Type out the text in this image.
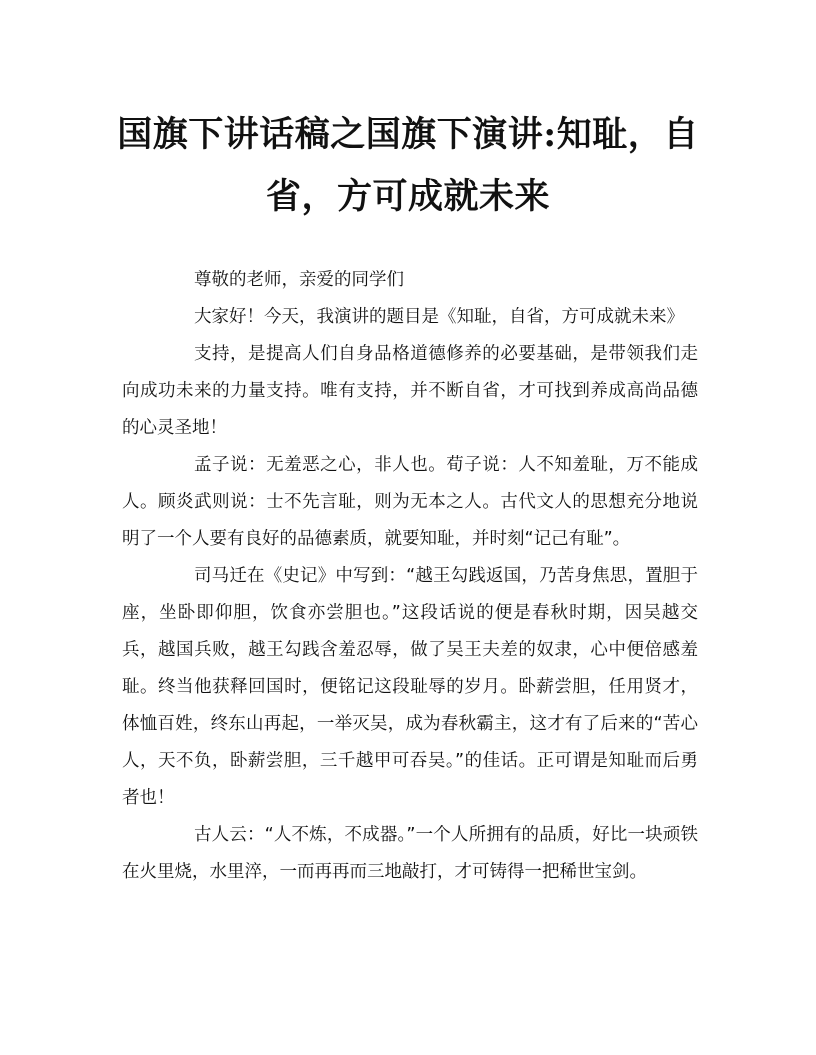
国旗下讲话稿之国旗下演讲:知耻，自
省，方可成就未来

尊敬的老师，亲爱的同学们

大家好！今天，我演讲的题目是《知耻，自省，方可成就未来》

支持，是提高人们自身品格道德修养的必要基础，是带领我们走向成功未来的力量支持。唯有支持，并不断自省，才可找到养成高尚品德的心灵圣地！

孟子说：无羞恶之心，非人也。荀子说：人不知羞耻，万不能成人。顾炎武则说：士不先言耻，则为无本之人。古代文人的思想充分地说明了一个人要有良好的品德素质，就要知耻，并时刻“记己有耻”。

司马迁在《史记》中写到：“越王勾践返国，乃苦身焦思，置胆于座，坐卧即仰胆，饮食亦尝胆也。”这段话说的便是春秋时期，因吴越交兵，越国兵败，越王勾践含羞忍辱，做了吴王夫差的奴隶，心中便倍感羞耻。终当他获释回国时，便铭记这段耻辱的岁月。卧薪尝胆，任用贤才，体恤百姓，终东山再起，一举灭吴，成为春秋霸主，这才有了后来的“苦心人，天不负，卧薪尝胆，三千越甲可吞吴。”的佳话。正可谓是知耻而后勇者也！

古人云：“人不炼，不成器。”一个人所拥有的品质，好比一块顽铁在火里烧，水里淬，一而再再而三地敲打，才可铸得一把稀世宝剑。
